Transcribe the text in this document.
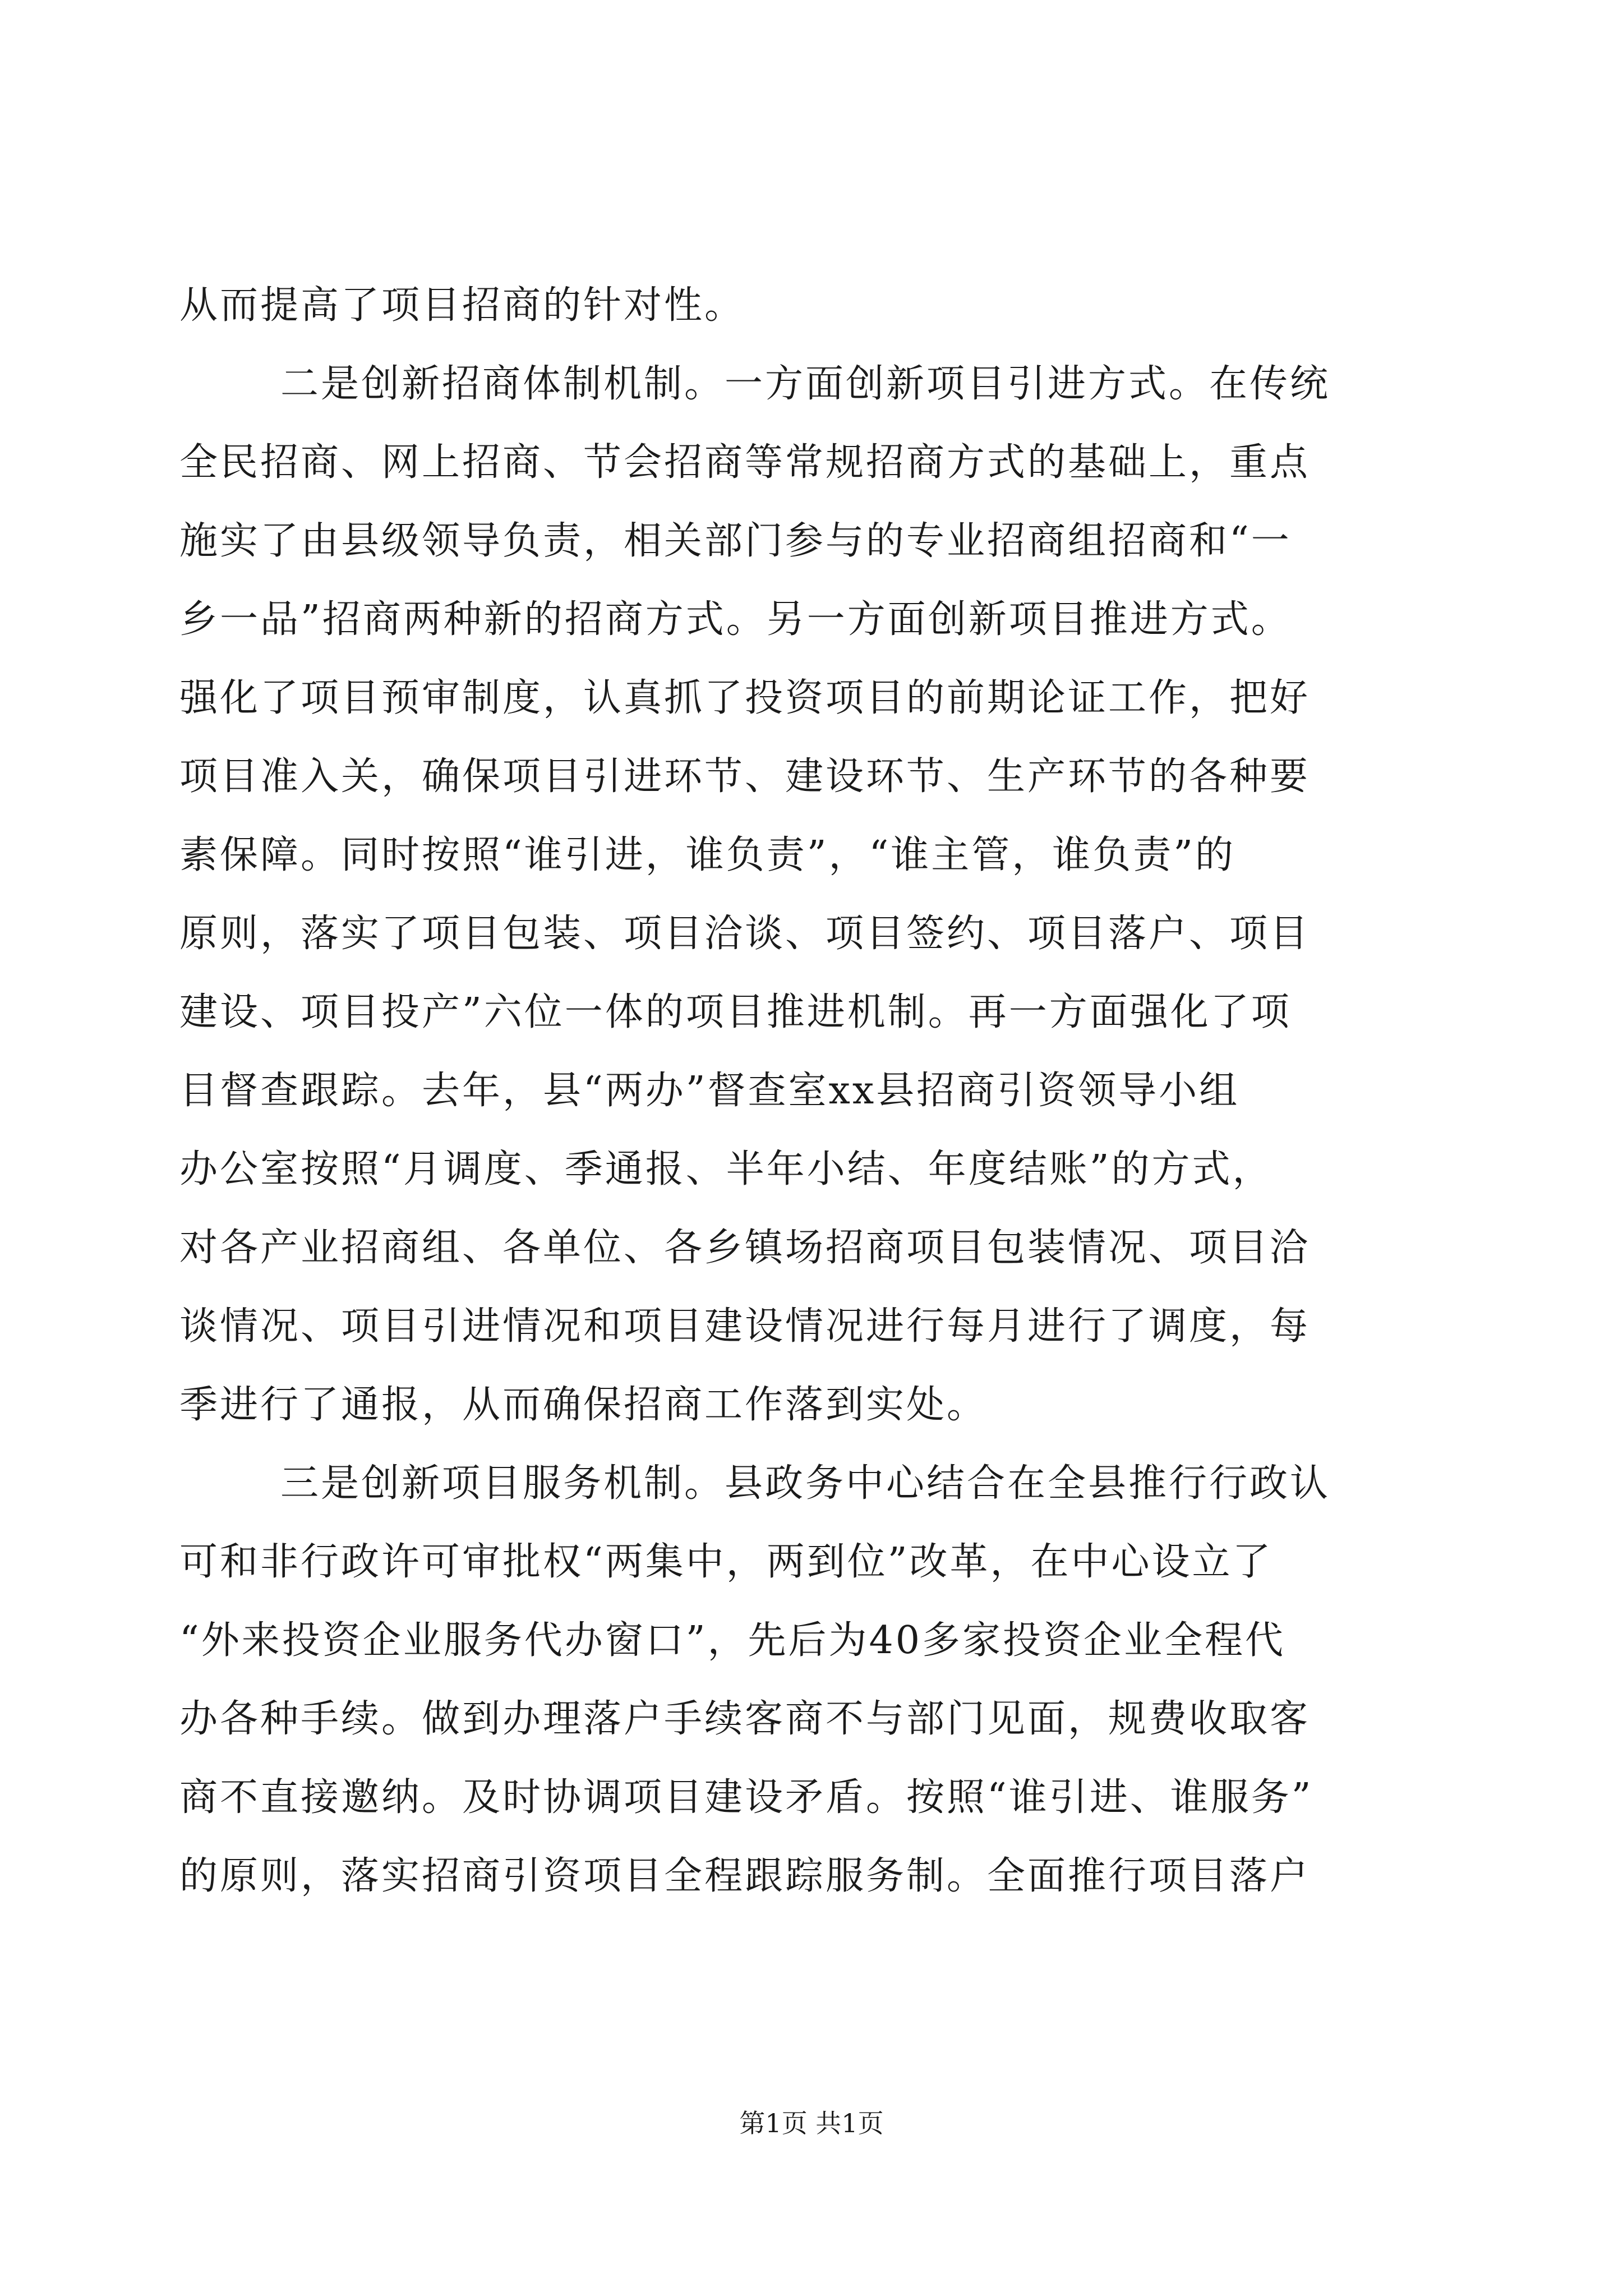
从而提高了项目招商的针对性。

二是创新招商体制机制。一方面创新项目引进方式。在传统

全民招商、网上招商、节会招商等常规招商方式的基础上，重点

施实了由县级领导负责，相关部门参与的专业招商组招商和“一

乡一品”招商两种新的招商方式。另一方面创新项目推进方式。

强化了项目预审制度，认真抓了投资项目的前期论证工作，把好

项目准入关，确保项目引进环节、建设环节、生产环节的各种要

素保障。同时按照“谁引进，谁负责”，“谁主管，谁负责”的

原则，落实了项目包装、项目洽谈、项目签约、项目落户、项目

建设、项目投产”六位一体的项目推进机制。再一方面强化了项

目督查跟踪。去年，县“两办”督查室xx县招商引资领导小组

办公室按照“月调度、季通报、半年小结、年度结账”的方式，

对各产业招商组、各单位、各乡镇场招商项目包装情况、项目洽

谈情况、项目引进情况和项目建设情况进行每月进行了调度，每

季进行了通报，从而确保招商工作落到实处。

三是创新项目服务机制。县政务中心结合在全县推行行政认

可和非行政许可审批权“两集中，两到位”改革，在中心设立了

“外来投资企业服务代办窗口”，先后为40多家投资企业全程代

办各种手续。做到办理落户手续客商不与部门见面，规费收取客

商不直接邀纳。及时协调项目建设矛盾。按照“谁引进、谁服务”

的原则，落实招商引资项目全程跟踪服务制。全面推行项目落户

第1页 共1页
